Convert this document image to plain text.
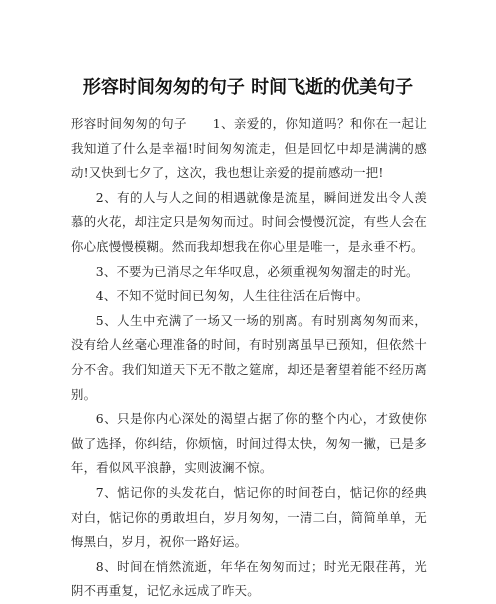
形容时间匆匆的句子 时间飞逝的优美句子

形容时间匆匆的句子　　1、亲爱的，你知道吗？和你在一起让我知道了什么是幸福!时间匆匆流走，但是回忆中却是满满的感动!又快到七夕了，这次，我也想让亲爱的提前感动一把!

2、有的人与人之间的相遇就像是流星，瞬间迸发出令人羡慕的火花，却注定只是匆匆而过。时间会慢慢沉淀，有些人会在你心底慢慢模糊。然而我却想我在你心里是唯一，是永垂不朽。

3、不要为已消尽之年华叹息，必须重视匆匆溜走的时光。

4、不知不觉时间已匆匆，人生往往活在后悔中。

5、人生中充满了一场又一场的别离。有时别离匆匆而来，没有给人丝毫心理准备的时间，有时别离虽早已预知，但依然十分不舍。我们知道天下无不散之筵席，却还是奢望着能不经历离别。

6、只是你内心深处的渴望占据了你的整个内心，才致使你做了选择，你纠结，你烦恼，时间过得太快，匆匆一撇，已是多年，看似风平浪静，实则波澜不惊。

7、惦记你的头发花白，惦记你的时间苍白，惦记你的经典对白，惦记你的勇敢坦白，岁月匆匆，一清二白，简简单单，无悔黑白，岁月，祝你一路好运。

8、时间在悄然流逝，年华在匆匆而过；时光无限荏苒，光阴不再重复，记忆永远成了昨天。
